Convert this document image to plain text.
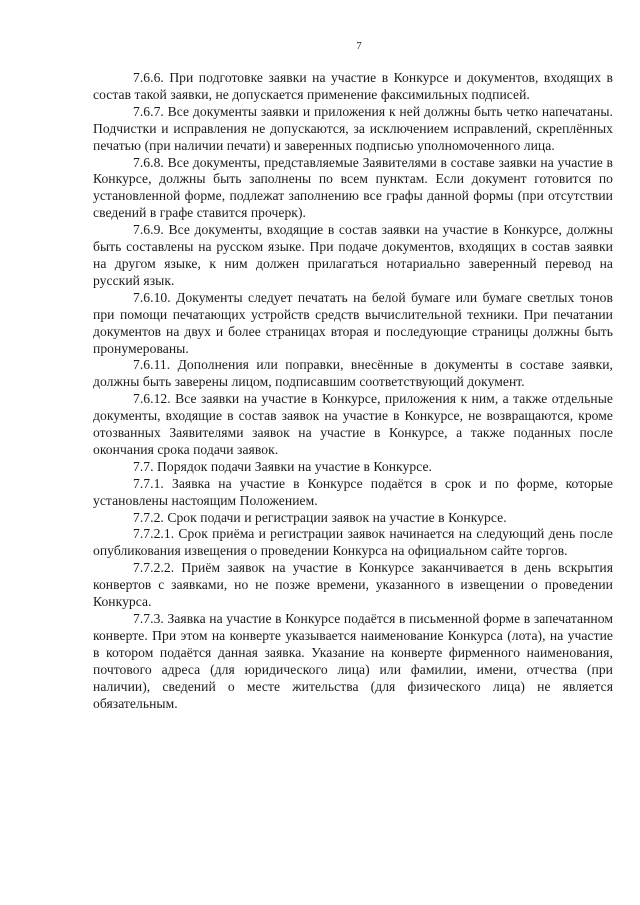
7

7.6.6. При подготовке заявки на участие в Конкурсе и документов, входящих в состав такой заявки, не допускается применение факсимильных подписей.

7.6.7. Все документы заявки и приложения к ней должны быть четко напечатаны. Подчистки и исправления не допускаются, за исключением исправлений, скреплённых печатью (при наличии печати) и заверенных подписью уполномоченного лица.

7.6.8. Все документы, представляемые Заявителями в составе заявки на участие в Конкурсе, должны быть заполнены по всем пунктам. Если документ готовится по установленной форме, подлежат заполнению все графы данной формы (при отсутствии сведений в графе ставится прочерк).

7.6.9. Все документы, входящие в состав заявки на участие в Конкурсе, должны быть составлены на русском языке. При подаче документов, входящих в состав заявки на другом языке, к ним должен прилагаться нотариально заверенный перевод на русский язык.

7.6.10. Документы следует печатать на белой бумаге или бумаге светлых тонов при помощи печатающих устройств средств вычислительной техники. При печатании документов на двух и более страницах вторая и последующие страницы должны быть пронумерованы.

7.6.11. Дополнения или поправки, внесённые в документы в составе заявки, должны быть заверены лицом, подписавшим соответствующий документ.

7.6.12. Все заявки на участие в Конкурсе, приложения к ним, а также отдельные документы, входящие в состав заявок на участие в Конкурсе, не возвращаются, кроме отозванных Заявителями заявок на участие в Конкурсе, а также поданных после окончания срока подачи заявок.

7.7. Порядок подачи Заявки на участие в Конкурсе.

7.7.1. Заявка на участие в Конкурсе подаётся в срок и по форме, которые установлены настоящим Положением.

7.7.2. Срок подачи и регистрации заявок на участие в Конкурсе.

7.7.2.1. Срок приёма и регистрации заявок начинается на следующий день после опубликования извещения о проведении Конкурса на официальном сайте торгов.

7.7.2.2. Приём заявок на участие в Конкурсе заканчивается в день вскрытия конвертов с заявками, но не позже времени, указанного в извещении о проведении Конкурса.

7.7.3. Заявка на участие в Конкурсе подаётся в письменной форме в запечатанном конверте. При этом на конверте указывается наименование Конкурса (лота), на участие в котором подаётся данная заявка. Указание на конверте фирменного наименования, почтового адреса (для юридического лица) или фамилии, имени, отчества (при наличии), сведений о месте жительства (для физического лица) не является обязательным.
